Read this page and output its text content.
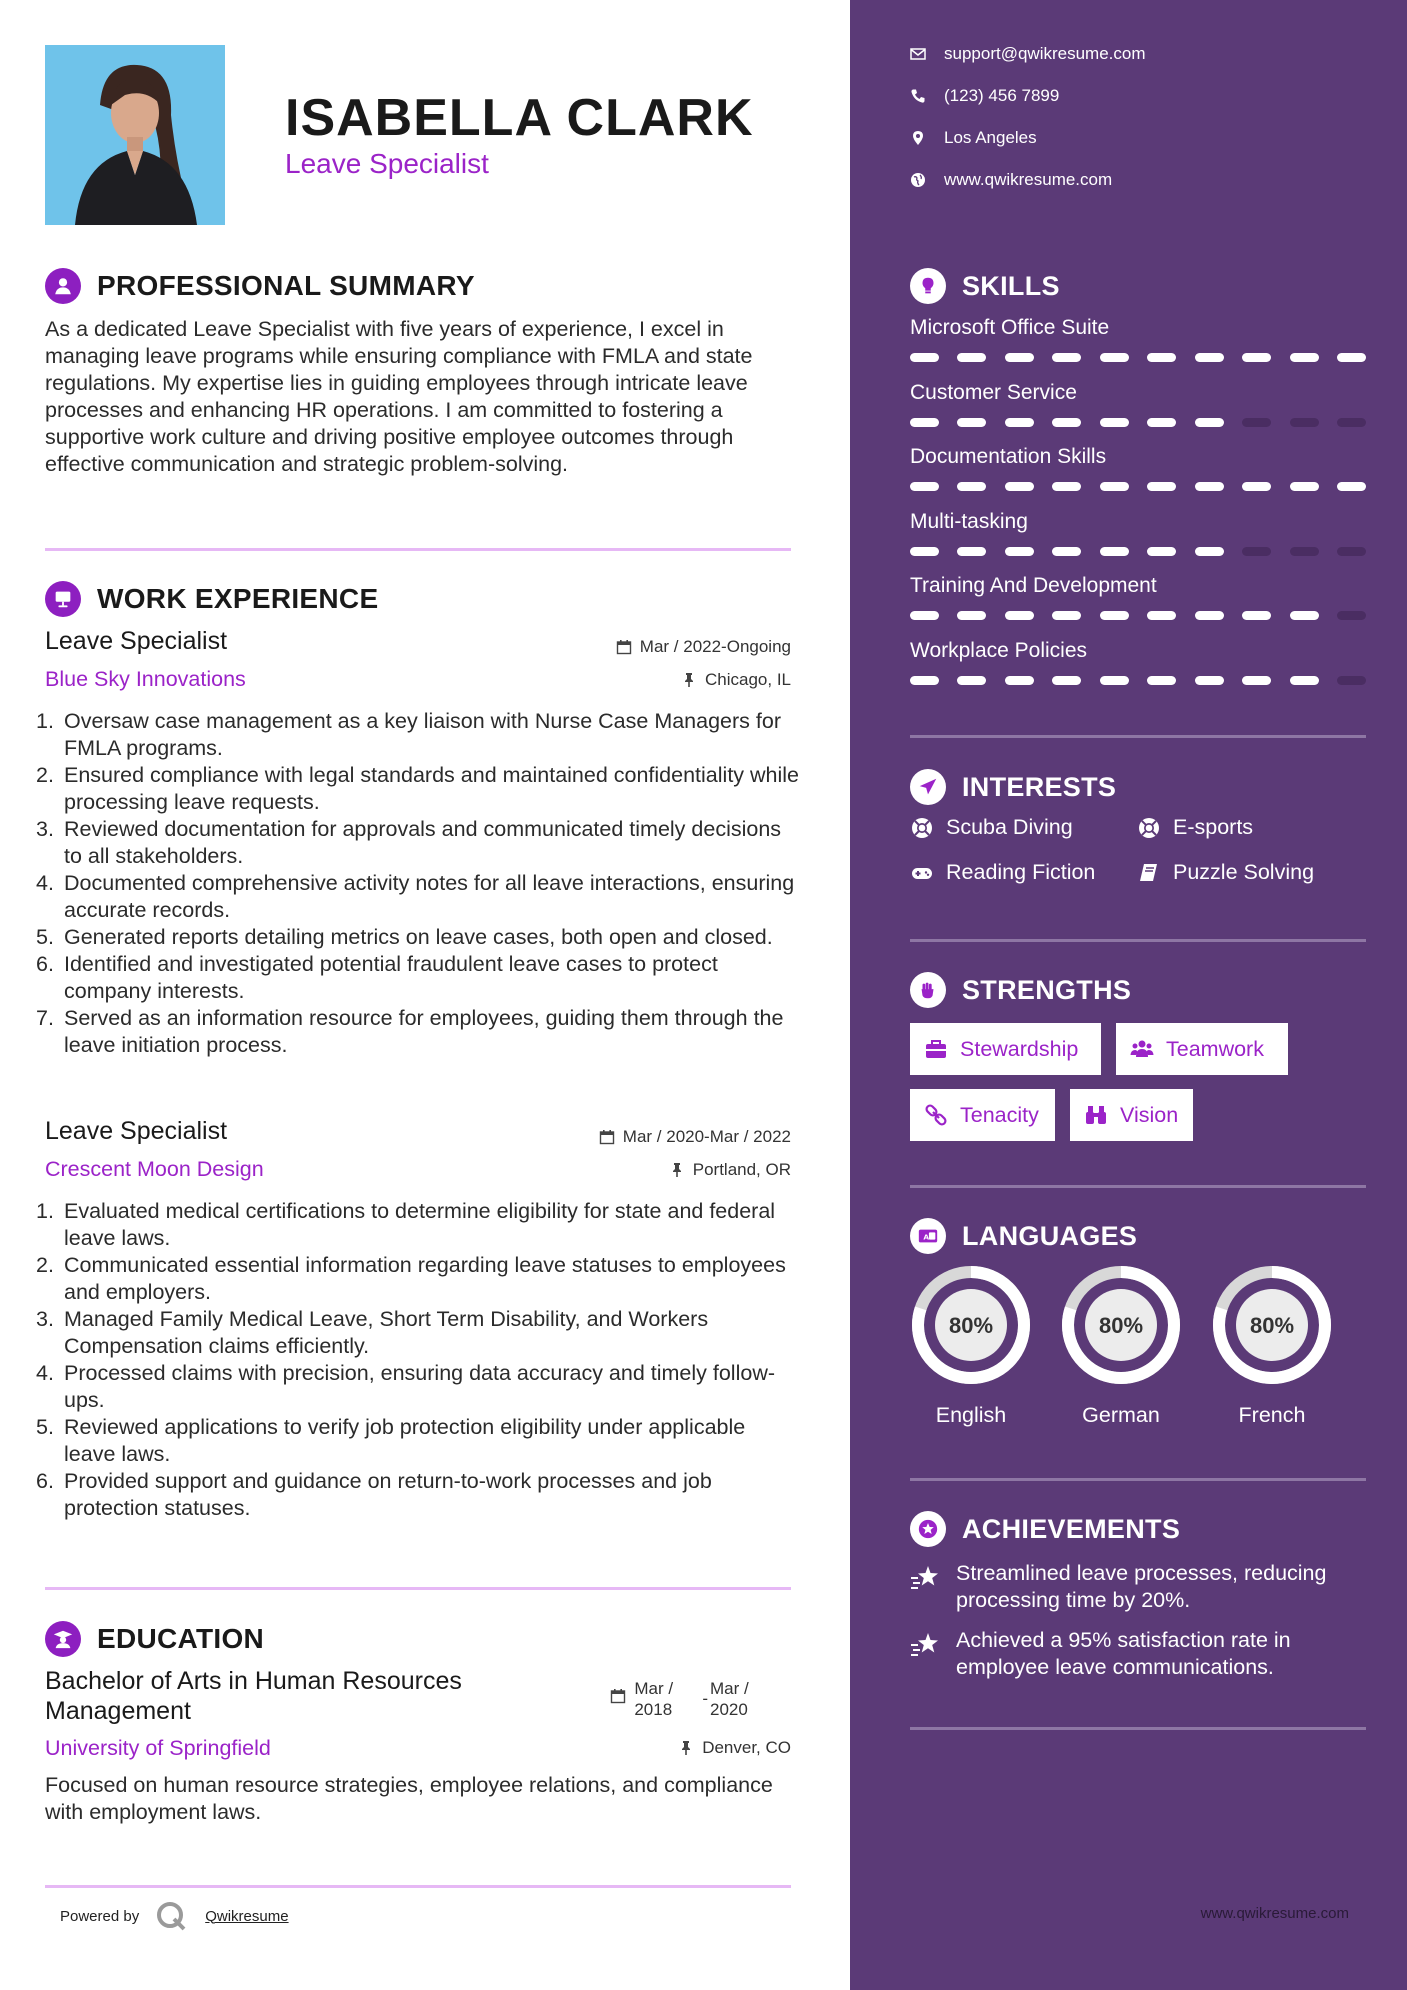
ISABELLA CLARK
Leave Specialist
PROFESSIONAL SUMMARY
As a dedicated Leave Specialist with five years of experience, I excel in managing leave programs while ensuring compliance with FMLA and state regulations. My expertise lies in guiding employees through intricate leave processes and enhancing HR operations. I am committed to fostering a supportive work culture and driving positive employee outcomes through effective communication and strategic problem-solving.
WORK EXPERIENCE
Leave Specialist	Mar / 2022-Ongoing
Blue Sky Innovations	Chicago, IL
1. Oversaw case management as a key liaison with Nurse Case Managers for FMLA programs.
2. Ensured compliance with legal standards and maintained confidentiality while processing leave requests.
3. Reviewed documentation for approvals and communicated timely decisions to all stakeholders.
4. Documented comprehensive activity notes for all leave interactions, ensuring accurate records.
5. Generated reports detailing metrics on leave cases, both open and closed.
6. Identified and investigated potential fraudulent leave cases to protect company interests.
7. Served as an information resource for employees, guiding them through the leave initiation process.
Leave Specialist	Mar / 2020-Mar / 2022
Crescent Moon Design	Portland, OR
1. Evaluated medical certifications to determine eligibility for state and federal leave laws.
2. Communicated essential information regarding leave statuses to employees and employers.
3. Managed Family Medical Leave, Short Term Disability, and Workers Compensation claims efficiently.
4. Processed claims with precision, ensuring data accuracy and timely follow-ups.
5. Reviewed applications to verify job protection eligibility under applicable leave laws.
6. Provided support and guidance on return-to-work processes and job protection statuses.
EDUCATION
Bachelor of Arts in Human Resources Management
Mar / 2018
-
Mar / 2020
University of Springfield	Denver, CO
Focused on human resource strategies, employee relations, and compliance with employment laws.
Powered by	Qwikresume
support@qwikresume.com
(123) 456 7899
Los Angeles
www.qwikresume.com
SKILLS
Microsoft Office Suite
Customer Service
Documentation Skills
Multi-tasking
Training And Development
Workplace Policies
INTERESTS
Scuba Diving	E-sports
Reading Fiction	Puzzle Solving
STRENGTHS
Stewardship	Teamwork
Tenacity	Vision
A LANGUAGES
80%
English
80%
German
80%
French
ACHIEVEMENTS
Streamlined leave processes, reducing processing time by 20%.
Achieved a 95% satisfaction rate in employee leave communications.
www.qwikresume.com
